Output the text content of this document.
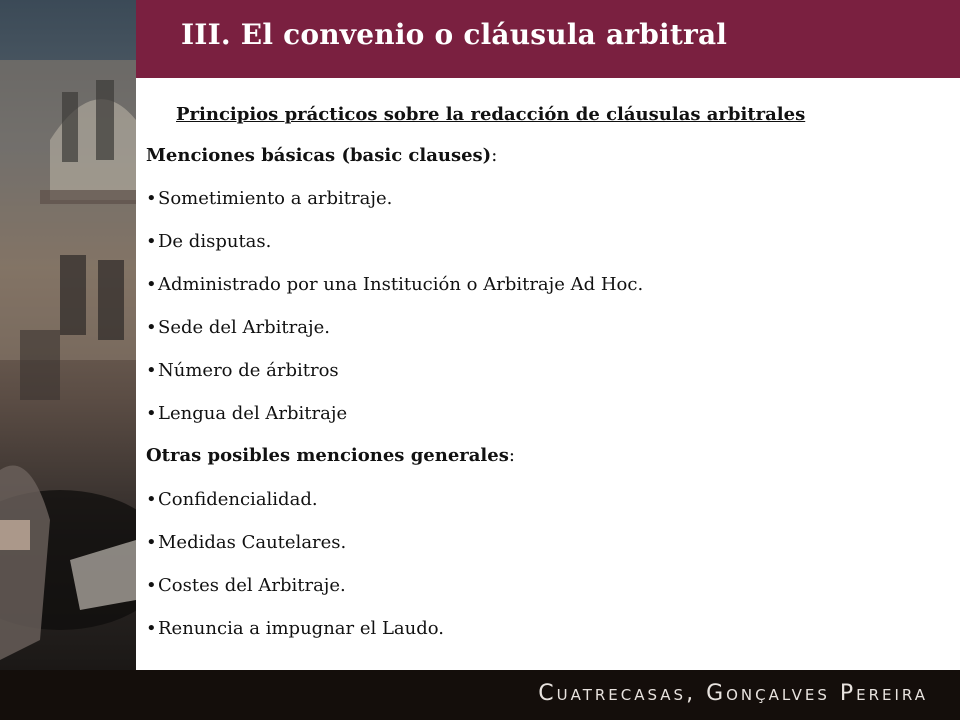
III. El convenio o cláusula arbitral
Principios prácticos sobre la redacción de cláusulas arbitrales
Menciones básicas (basic clauses):
•Sometimiento a arbitraje.
•De disputas.
•Administrado por una Institución o Arbitraje Ad Hoc.
•Sede del Arbitraje.
•Número de árbitros
•Lengua del Arbitraje
Otras posibles menciones generales:
•Confidencialidad.
•Medidas Cautelares.
•Costes del Arbitraje.
•Renuncia a impugnar el Laudo.
Cuatrecasas, Gonçalves Pereira
